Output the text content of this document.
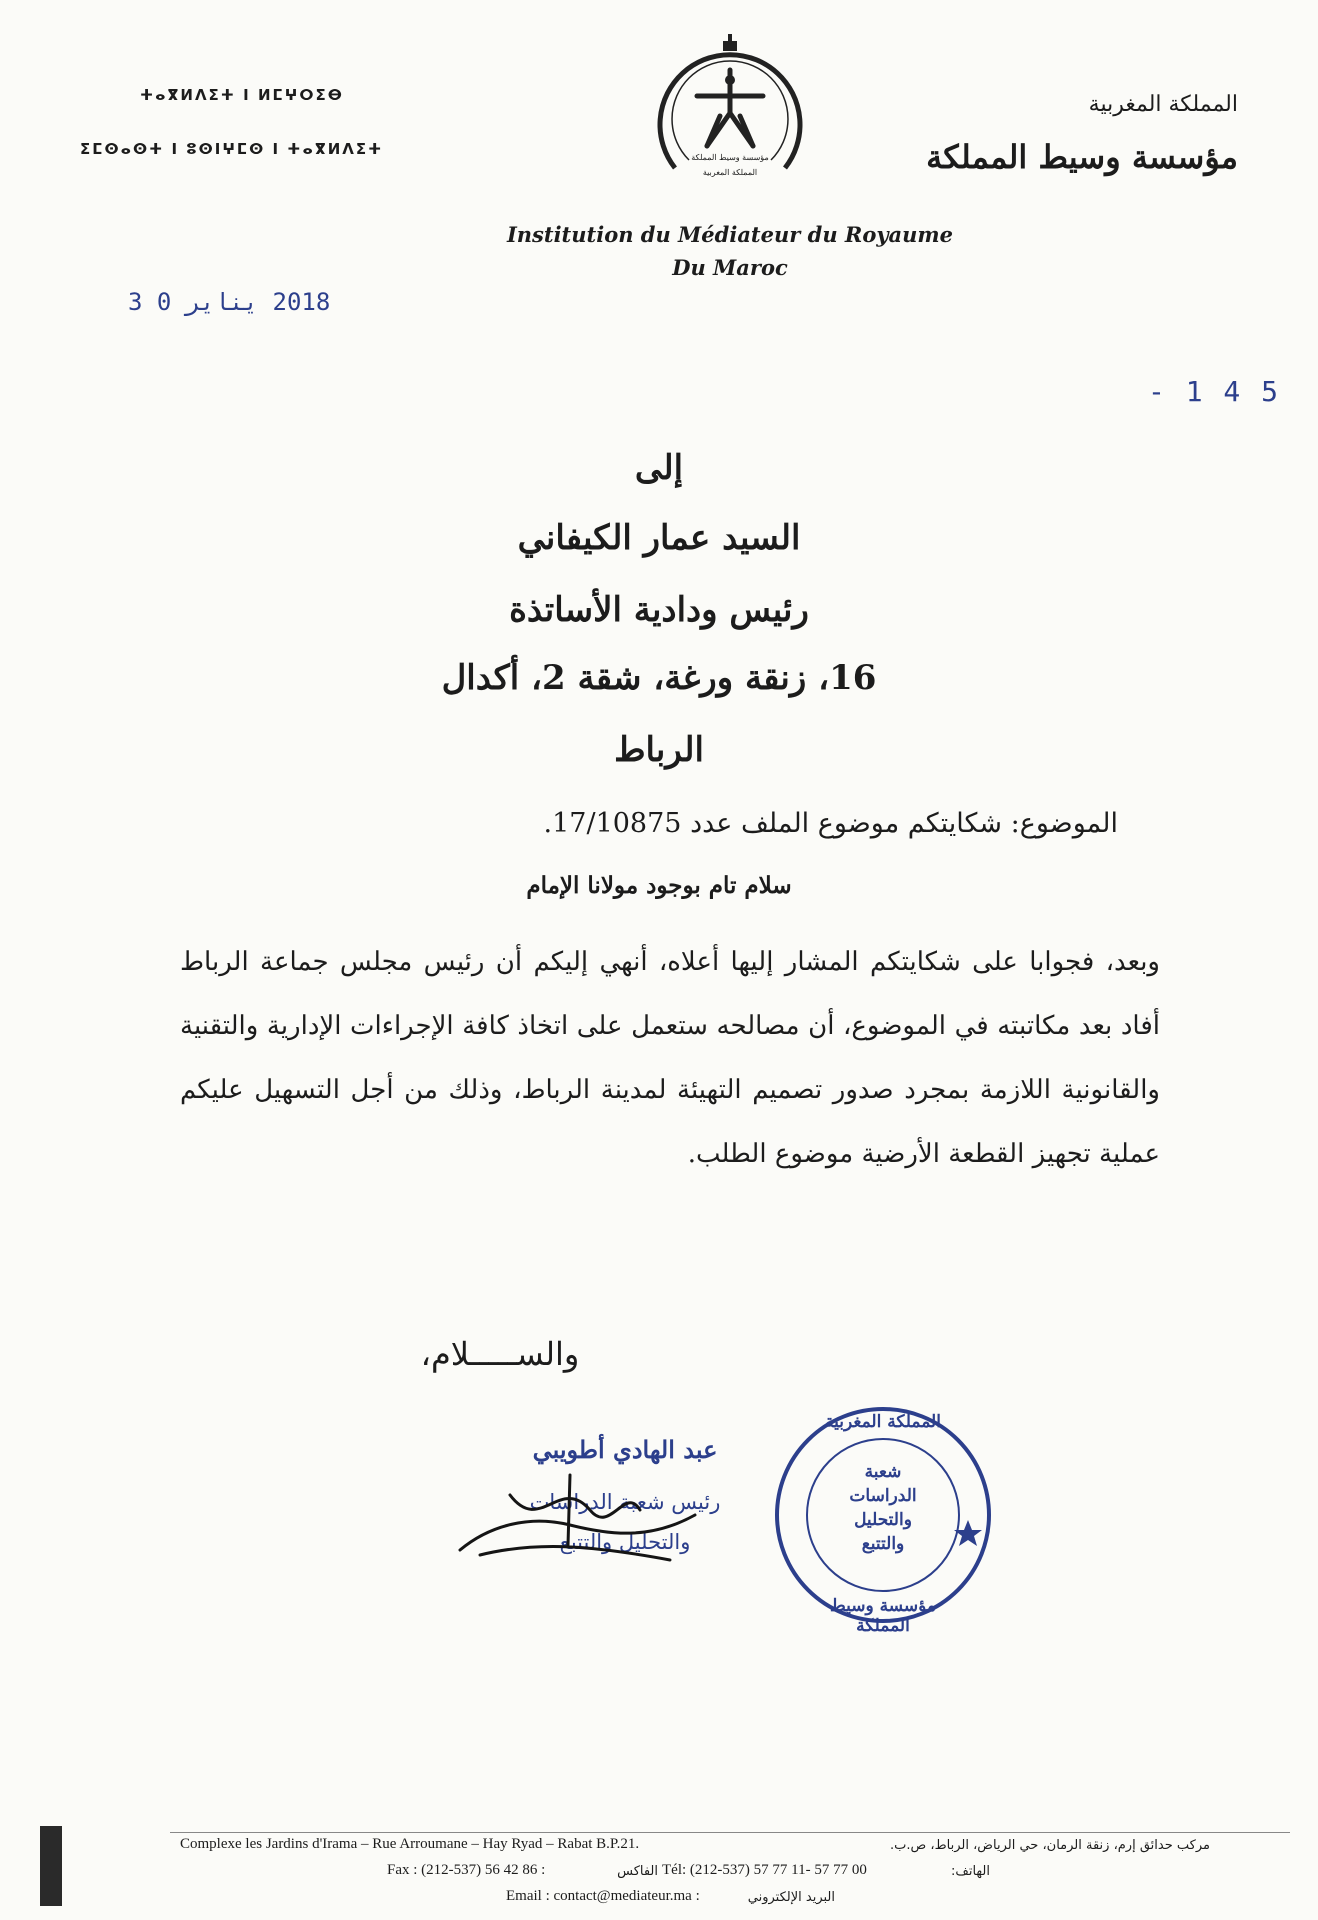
ⵜⴰⴳⵍⴷⵉⵜ ⵏ ⵍⵎⵖⵔⵉⴱ
ⵉⵎⵙⴰⵙⵜ ⵏ ⵓⵙⵏⵖⵎⵙ ⵏ ⵜⴰⴳⵍⴷⵉⵜ
المملكة المغربية
مؤسسة وسيط المملكة
مؤسسة وسيط المملكة
المملكة المغربية
Institution du Médiateur du Royaume
Du Maroc
2018 يناير 0 3
- 1 4 5
إلى
السيد عمار الكيفاني
رئيس ودادية الأساتذة
16، زنقة ورغة، شقة 2، أكدال
الرباط
الموضوع: شكايتكم موضوع الملف عدد 17/10875.
سلام تام بوجود مولانا الإمام
وبعد، فجوابا على شكايتكم المشار إليها أعلاه، أنهي إليكم أن رئيس مجلس جماعة الرباط أفاد بعد مكاتبته في الموضوع، أن مصالحه ستعمل على اتخاذ كافة الإجراءات الإدارية والتقنية والقانونية اللازمة بمجرد صدور تصميم التهيئة لمدينة الرباط، وذلك من أجل التسهيل عليكم عملية تجهيز القطعة الأرضية موضوع الطلب.
والســـــلام،
عبد الهادي أطويبي
رئيس شعبة الدراسات
والتحليل والتتبع
المملكة المغربية
مؤسسة وسيط المملكة
شعبة
الدراسات
والتحليل
والتتبع
Complexe les Jardins d'Irama – Rue Arroumane – Hay Ryad – Rabat B.P.21.	مركب حدائق إرم، زنقة الرمان، حي الرياض، الرباط، ص.ب.
Fax : (212-537) 56 42 86 :	الفاكس Tél: (212-537) 57 77 11- 57 77 00	الهاتف:
Email : contact@mediateur.ma :	البريد الإلكتروني
